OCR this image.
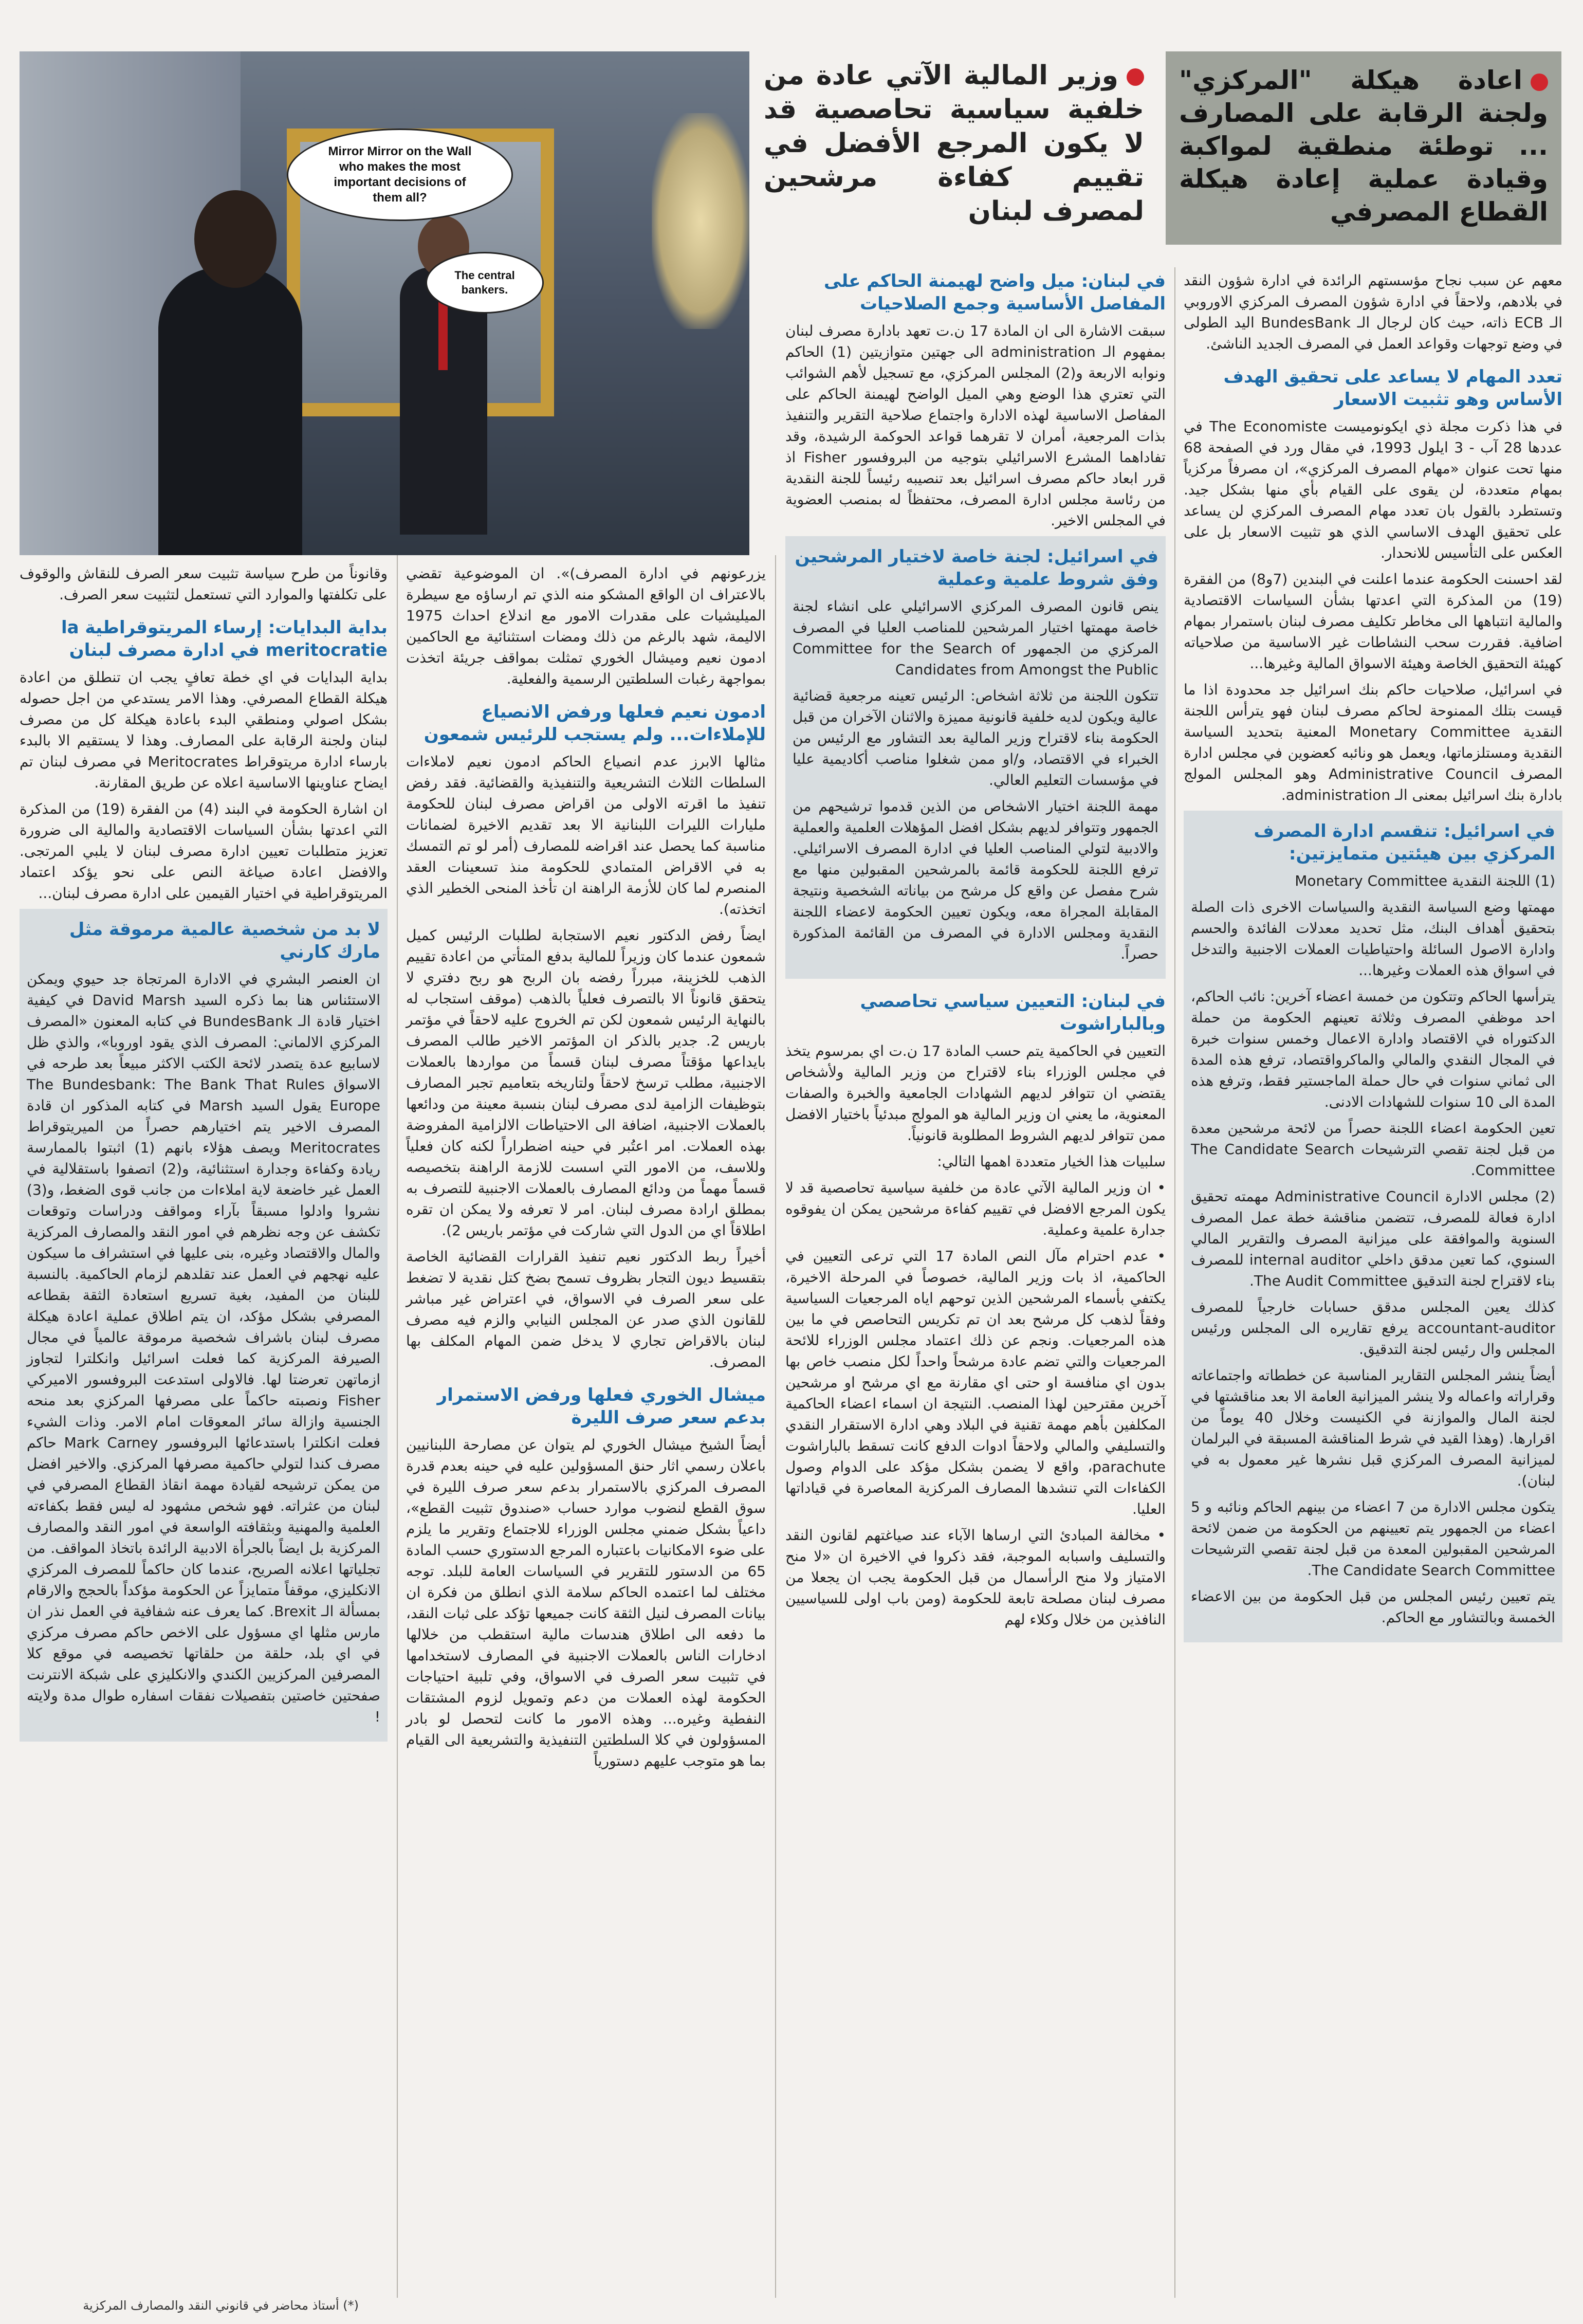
اعادة هيكلة "المركزي" ولجنة الرقابة على المصارف ... توطئة منطقية لمواكبة وقيادة عملية إعادة هيكلة القطاع المصرفي

وزير المالية الآتي عادة من خلفية سياسية تحاصصية قد لا يكون المرجع الأفضل في تقييم كفاءة مرشحين لمصرف لبنان

Mirror Mirror on the Wall who makes the most important decisions of them all?
The central bankers.

معهم عن سبب نجاح مؤسستهم الرائدة في ادارة شؤون النقد في بلادهم، ولاحقاً في ادارة شؤون المصرف المركزي الاوروبي الـ ECB ذاته، حيث كان لرجال الـ BundesBank اليد الطولى في وضع توجهات وقواعد العمل في المصرف الجديد الناشئ.

تعدد المهام لا يساعد على تحقيق الهدف الأساس وهو تثبيت الاسعار

في هذا ذكرت مجلة ذي ايكونوميست The Economiste في عددها 28 آب - 3 ايلول 1993، في مقال ورد في الصفحة 68 منها تحت عنوان «مهام المصرف المركزي»، ان مصرفاً مركزياً بمهام متعددة، لن يقوى على القيام بأي منها بشكل جيد. وتستطرد بالقول بان تعدد مهام المصرف المركزي لن يساعد على تحقيق الهدف الاساسي الذي هو تثبيت الاسعار بل على العكس على التأسيس للانحدار.

لقد احسنت الحكومة عندما اعلنت في البندين (7و8) من الفقرة (19) من المذكرة التي اعدتها بشأن السياسات الاقتصادية والمالية انتباهها الى مخاطر تكليف مصرف لبنان باستمرار بمهام اضافية. فقررت سحب النشاطات غير الاساسية من صلاحياته كهيئة التحقيق الخاصة وهيئة الاسواق المالية وغيرها...

في اسرائيل، صلاحيات حاكم بنك اسرائيل جد محدودة اذا ما قيست بتلك الممنوحة لحاكم مصرف لبنان فهو يترأس اللجنة النقدية Monetary Committee المعنية بتحديد السياسة النقدية ومستلزماتها، ويعمل هو ونائبه كعضوين في مجلس ادارة المصرف Administrative Council وهو المجلس المولج بادارة بنك اسرائيل بمعنى الـ administration.

في اسرائيل: تنقسم ادارة المصرف المركزي بين هيئتين متمايزتين:

(1) اللجنة النقدية Monetary Committee

مهمتها وضع السياسة النقدية والسياسات الاخرى ذات الصلة بتحقيق أهداف البنك، مثل تحديد معدلات الفائدة والحسم وادارة الاصول السائلة واحتياطيات العملات الاجنبية والتدخل في اسواق هذه العملات وغيرها...

يترأسها الحاكم وتتكون من خمسة اعضاء آخرين: نائب الحاكم، احد موظفي المصرف وثلاثة تعينهم الحكومة من حملة الدكتوراه في الاقتصاد وادارة الاعمال وخمس سنوات خبرة في المجال النقدي والمالي والماكرواقتصاد، ترفع هذه المدة الى ثماني سنوات في حال حملة الماجستير فقط، وترفع هذه المدة الى 10 سنوات للشهادات الادنى.

تعين الحكومة اعضاء اللجنة حصراً من لائحة مرشحين معدة من قبل لجنة تقصي الترشيحات The Candidate Search Committee.

(2) مجلس الادارة Administrative Council مهمته تحقيق ادارة فعالة للمصرف، تتضمن مناقشة خطة عمل المصرف السنوية والموافقة على ميزانية المصرف والتقرير المالي السنوي، كما تعين مدقق داخلي internal auditor للمصرف بناء لاقتراح لجنة التدقيق The Audit Committee.

كذلك يعين المجلس مدقق حسابات خارجياً للمصرف accountant-auditor يرفع تقاريره الى المجلس ورئيس المجلس وال رئيس لجنة التدقيق.

أيضاً ينشر المجلس التقارير المناسبة عن خططاته واجتماعاته وقراراته واعماله ولا ينشر الميزانية العامة الا بعد مناقشتها في لجنة المال والموازنة في الكنيست وخلال 40 يوماً من اقرارها. (وهذا القيد في شرط المناقشة المسبقة في البرلمان لميزانية المصرف المركزي قبل نشرها غير معمول به في لبنان).

يتكون مجلس الادارة من 7 اعضاء من بينهم الحاكم ونائبه و 5 اعضاء من الجمهور يتم تعيينهم من الحكومة من ضمن لائحة المرشحين المقبولين المعدة من قبل لجنة تقصي الترشيحات The Candidate Search Committee.

يتم تعيين رئيس المجلس من قبل الحكومة من بين الاعضاء الخمسة وبالتشاور مع الحاكم.

في لبنان: ميل واضح لهيمنة الحاكم على المفاصل الأساسية وجمع الصلاحيات

سبقت الاشارة الى ان المادة 17 ن.ت تعهد بادارة مصرف لبنان بمفهوم الـ administration الى جهتين متوازيتين (1) الحاكم ونوابه الاربعة و(2) المجلس المركزي، مع تسجيل لأهم الشوائب التي تعتري هذا الوضع وهي الميل الواضح لهيمنة الحاكم على المفاصل الاساسية لهذه الادارة واجتماع صلاحية التقرير والتنفيذ بذات المرجعية، أمران لا تقرهما قواعد الحوكمة الرشيدة، وقد تفاداهما المشرع الاسرائيلي بتوجيه من البروفسور Fisher اذ قرر ابعاد حاكم مصرف اسرائيل بعد تنصيبه رئيساً للجنة النقدية من رئاسة مجلس ادارة المصرف، محتفظاً له بمنصب العضوية في المجلس الاخير.

في اسرائيل: لجنة خاصة لاختيار المرشحين وفق شروط علمية وعملية

ينص قانون المصرف المركزي الاسرائيلي على انشاء لجنة خاصة مهمتها اختيار المرشحين للمناصب العليا في المصرف المركزي من الجمهور Committee for the Search of Candidates from Amongst the Public

تتكون اللجنة من ثلاثة اشخاص: الرئيس تعينه مرجعية قضائية عالية ويكون لديه خلفية قانونية مميزة والاثنان الآخران من قبل الحكومة بناء لاقتراح وزير المالية بعد التشاور مع الرئيس من الخبراء في الاقتصاد، و/او ممن شغلوا مناصب أكاديمية عليا في مؤسسات التعليم العالي.

مهمة اللجنة اختيار الاشخاص من الذين قدموا ترشيحهم من الجمهور وتتوافر لديهم بشكل افضل المؤهلات العلمية والعملية والادبية لتولي المناصب العليا في ادارة المصرف الاسرائيلي. ترفع اللجنة للحكومة قائمة بالمرشحين المقبولين منها مع شرح مفصل عن واقع كل مرشح من بياناته الشخصية ونتيجة المقابلة المجراة معه، ويكون تعيين الحكومة لاعضاء اللجنة النقدية ومجلس الادارة في المصرف من القائمة المذكورة حصراً.

في لبنان: التعيين سياسي تحاصصي وبالباراشوت

التعيين في الحاكمية يتم حسب المادة 17 ن.ت اي بمرسوم يتخذ في مجلس الوزراء بناء لاقتراح من وزير المالية ولأشخاص يقتضي ان تتوافر لديهم الشهادات الجامعية والخبرة والصفات المعنوية، ما يعني ان وزير المالية هو المولج مبدئياً باختيار الافضل ممن تتوافر لديهم الشروط المطلوبة قانونياً.

سلبيات هذا الخيار متعددة اهمها التالي:

• ان وزير المالية الآتي عادة من خلفية سياسية تحاصصية قد لا يكون المرجع الافضل في تقييم كفاءة مرشحين يمكن ان يفوقوه جدارة علمية وعملية.

• عدم احترام مآل النص المادة 17 التي ترعى التعيين في الحاكمية، اذ بات وزير المالية، خصوصاً في المرحلة الاخيرة، يكتفي بأسماء المرشحين الذين توحهم اياه المرجعيات السياسية وفقاً لذهب كل مرشح بعد ان تم تكريس التحاصص في ما بين هذه المرجعيات. ونجم عن ذلك اعتماد مجلس الوزراء للائحة المرجعيات والتي تضم عادة مرشحاً واحداً لكل منصب خاص بها بدون اي منافسة او حتى اي مقارنة مع اي مرشح او مرشحين آخرين مقترحين لهذا المنصب. النتيجة ان اسماء اعضاء الحاكمية المكلفين بأهم مهمة تقنية في البلاد وهي ادارة الاستقرار النقدي والتسليفي والمالي ولاحقاً ادوات الدفع كانت تسقط بالباراشوت parachute، واقع لا يضمن بشكل مؤكد على الدوام وصول الكفاءات التي تنشدها المصارف المركزية المعاصرة في قياداتها العليا.

• مخالفة المبادئ التي ارساها الآباء عند صياغتهم لقانون النقد والتسليف واسبابه الموجبة، فقد ذكروا في الاخيرة ان «لا منح الامتياز ولا منح الرأسمال من قبل الحكومة يجب ان يجعلا من مصرف لبنان مصلحة تابعة للحكومة (ومن باب اولى للسياسيين النافذين من خلال وكلاء لهم

يزرعونهم في ادارة المصرف)». ان الموضوعية تقضي بالاعتراف ان الواقع المشكو منه الذي تم ارساؤه مع سيطرة الميليشيات على مقدرات الامور مع اندلاع احداث 1975 الاليمة، شهد بالرغم من ذلك ومضات استثنائية مع الحاكمين ادمون نعيم وميشال الخوري تمثلت بمواقف جريئة اتخذت بمواجهة رغبات السلطتين الرسمية والفعلية.

ادمون نعيم فعلها ورفض الانصياع للإملاءات... ولم يستجب للرئيس شمعون

مثالها الابرز عدم انصياع الحاكم ادمون نعيم لاملاءات السلطات الثلاث التشريعية والتنفيذية والقضائية. فقد رفض تنفيذ ما اقرته الاولى من اقراض مصرف لبنان للحكومة مليارات الليرات اللبنانية الا بعد تقديم الاخيرة لضمانات مناسبة كما يحصل عند اقراضه للمصارف (أمر لو تم التمسك به في الاقراض المتمادي للحكومة منذ تسعينات العقد المنصرم لما كان للأزمة الراهنة ان تأخذ المنحى الخطير الذي اتخذته).

ايضاً رفض الدكتور نعيم الاستجابة لطلبات الرئيس كميل شمعون عندما كان وزيراً للمالية بدفع المتأتي من اعادة تقييم الذهب للخزينة، مبرراً رفضه بان الربح هو ربح دفتري لا يتحقق قانوناً الا بالتصرف فعلياً بالذهب (موقف استجاب له بالنهاية الرئيس شمعون لكن تم الخروج عليه لاحقاً في مؤتمر باريس 2. جدير بالذكر ان المؤتمر الاخير طالب المصرف بايداعها مؤقتاً مصرف لبنان قسماً من مواردها بالعملات الاجنبية، مطلب ترسخ لاحقاً ولتاريخه بتعاميم تجبر المصارف بتوظيفات الزامية لدى مصرف لبنان بنسبة معينة من ودائعها بالعملات الاجنبية، اضافة الى الاحتياطات الالزامية المفروضة بهذه العملات. امر اعتُبر في حينه اضطراراً لكنه كان فعلياً وللاسف، من الامور التي اسست للازمة الراهنة بتخصيصه قسماً مهماً من ودائع المصارف بالعملات الاجنبية للتصرف به بمطلق ارادة مصرف لبنان. امر لا تعرفه ولا يمكن ان تقره اطلاقاً اي من الدول التي شاركت في مؤتمر باريس 2).

أخيراً ربط الدكتور نعيم تنفيذ القرارات القضائية الخاصة بتقسيط ديون التجار بظروف تسمح بضخ كتل نقدية لا تضغط على سعر الصرف في الاسواق، في اعتراض غير مباشر للقانون الذي صدر عن المجلس النيابي والزم فيه مصرف لبنان بالاقراض تجاري لا يدخل ضمن المهام المكلف بها المصرف.

ميشال الخوري فعلها ورفض الاستمرار بدعم سعر صرف الليرة

أيضاً الشيخ ميشال الخوري لم يتوان عن مصارحة اللبنانيين باعلان رسمي اثار حنق المسؤولين عليه في حينه بعدم قدرة المصرف المركزي بالاستمرار بدعم سعر صرف الليرة في سوق القطع لنضوب موارد حساب «صندوق تثبيت القطع»، داعياً بشكل ضمني مجلس الوزراء للاجتماع وتقرير ما يلزم على ضوء الامكانيات باعتباره المرجع الدستوري حسب المادة 65 من الدستور للتقرير في السياسات العامة للبلد. توجه مختلف لما اعتمده الحاكم سلامة الذي انطلق من فكرة ان بيانات المصرف لنيل الثقة كانت جميعها تؤكد على ثبات النقد، ما دفعه الى اطلاق هندسات مالية استقطب من خلالها ادخارات الناس بالعملات الاجنبية في المصارف لاستخدامها في تثبيت سعر الصرف في الاسواق، وفي تلبية احتياجات الحكومة لهذه العملات من دعم وتمويل لزوم المشتقات النفطية وغيره... وهذه الامور ما كانت لتحصل لو بادر المسؤولون في كلا السلطتين التنفيذية والتشريعية الى القيام بما هو متوجب عليهم دستورياً

وقانوناً من طرح سياسة تثبيت سعر الصرف للنقاش والوقوف على تكلفتها والموارد التي تستعمل لتثبيت سعر الصرف.

بداية البدايات: إرساء المريتوقراطية la meritocratie في ادارة مصرف لبنان

بداية البدايات في اي خطة تعافٍ يجب ان تنطلق من اعادة هيكلة القطاع المصرفي. وهذا الامر يستدعي من اجل حصوله بشكل اصولي ومنطقي البدء باعادة هيكلة كل من مصرف لبنان ولجنة الرقابة على المصارف. وهذا لا يستقيم الا بالبدء بارساء ادارة مريتوقراط Meritocrates في مصرف لبنان تم ايضاح عناوينها الاساسية اعلاه عن طريق المقارنة.

ان اشارة الحكومة في البند (4) من الفقرة (19) من المذكرة التي اعدتها بشأن السياسات الاقتصادية والمالية الى ضرورة تعزيز متطلبات تعيين ادارة مصرف لبنان لا يلبي المرتجى. والافضل اعادة صياغة النص على نحو يؤكد اعتماد المريتوقراطية في اختيار القيمين على ادارة مصرف لبنان...

لا بد من شخصية عالمية مرموقة مثل مارك كارني

ان العنصر البشري في الادارة المرتجاة جد حيوي ويمكن الاستئناس هنا بما ذكره السيد David Marsh في كيفية اختيار قادة الـ BundesBank في كتابه المعنون «المصرف المركزي الالماني: المصرف الذي يقود اوروبا»، والذي ظل لاسابيع عدة يتصدر لائحة الكتب الاكثر مبيعاً بعد طرحه في الاسواق The Bundesbank: The Bank That Rules Europe يقول السيد Marsh في كتابه المذكور ان قادة المصرف الاخير يتم اختيارهم حصراً من الميريتوقراط Meritocrates ويصف هؤلاء بانهم (1) اثبتوا بالممارسة ريادة وكفاءة وجدارة استثنائية، و(2) اتصفوا باستقلالية في العمل غير خاضعة لاية املاءات من جانب قوى الضغط، و(3) نشروا وادلوا مسبقاً بآراء ومواقف ودراسات وتوقعات تكشف عن وجه نظرهم في امور النقد والمصارف المركزية والمال والاقتصاد وغيره، بنى عليها في استشراف ما سيكون عليه نهجهم في العمل عند تقلدهم لزمام الحاكمية. بالنسبة للبنان من المفيد، بغية تسريع استعادة الثقة بقطاعه المصرفي بشكل مؤكد، ان يتم اطلاق عملية اعادة هيكلة مصرف لبنان باشراف شخصية مرموقة عالمياً في مجال الصيرفة المركزية كما فعلت اسرائيل وانكلترا لتجاوز ازماتهن تعرضتا لها. فالاولى استدعت البروفسور الاميركي Fisher ونصبته حاكماً على مصرفها المركزي بعد منحه الجنسية وازالة سائر المعوقات امام الامر. وذات الشيء فعلت انكلترا باستدعائها البروفسور Mark Carney حاكم مصرف كندا لتولي حاكمية مصرفها المركزي. والاخير افضل من يمكن ترشيحه لقيادة مهمة انقاذ القطاع المصرفي في لبنان من عثراته. فهو شخص مشهود له ليس فقط بكفاءته العلمية والمهنية وبثقافته الواسعة في امور النقد والمصارف المركزية بل ايضاً بالجرأة الادبية الرائدة باتخاذ المواقف. من تجلياتها اعلانه الصريح، عندما كان حاكماً للمصرف المركزي الانكليزي، موقفاً متمايزاً عن الحكومة مؤكداً بالحجج والارقام بمسألة الـ Brexit. كما يعرف عنه شفافية في العمل نذر ان مارس مثلها اي مسؤول على الاخص حاكم مصرف مركزي في اي بلد، حلقة من حلقاتها تخصيصه في موقع كلا المصرفين المركزيين الكندي والانكليزي على شبكة الانترنت صفحتين خاصتين بتفصيلات نفقات اسفاره طوال مدة ولايته !

(*) أستاذ محاضر في قانوني النقد والمصارف المركزية
